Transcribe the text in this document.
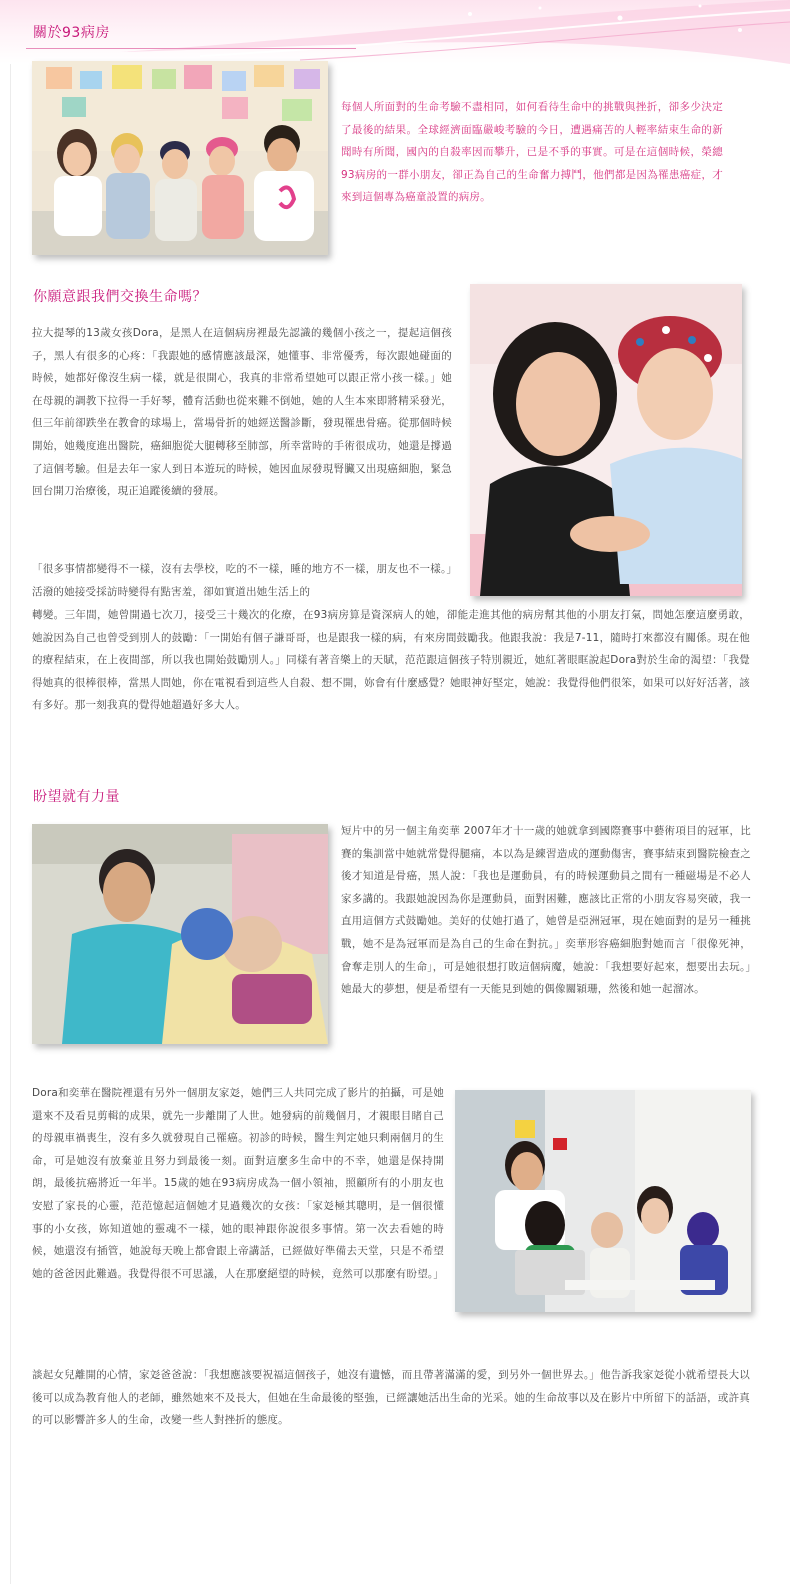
關於93病房

每個人所面對的生命考驗不盡相同，如何看待生命中的挑戰與挫折，卻多少決定了最後的結果。全球經濟面臨嚴峻考驗的今日，遭遇痛苦的人輕率結束生命的新聞時有所聞，國內的自殺率因而攀升，已是不爭的事實。可是在這個時候，榮總93病房的一群小朋友，卻正為自己的生命奮力搏鬥，他們都是因為罹患癌症，才來到這個專為癌童設置的病房。

你願意跟我們交換生命嗎？

拉大提琴的13歲女孩Dora，是黑人在這個病房裡最先認識的幾個小孩之一，提起這個孩子，黑人有很多的心疼：「我跟她的感情應該最深，她懂事、非常優秀，每次跟她碰面的時候，她都好像沒生病一樣，就是很開心，我真的非常希望她可以跟正常小孩一樣。」她在母親的調教下拉得一手好琴，體育活動也從來難不倒她，她的人生本來即將精采發光，但三年前卻跌坐在教會的球場上，當場骨折的她經送醫診斷，發現罹患骨癌。從那個時候開始，她幾度進出醫院，癌細胞從大腿轉移至肺部，所幸當時的手術很成功，她還是撐過了這個考驗。但是去年一家人到日本遊玩的時候，她因血尿發現腎臟又出現癌細胞，緊急回台開刀治療後，現正追蹤後續的發展。

「很多事情都變得不一樣，沒有去學校，吃的不一樣，睡的地方不一樣，朋友也不一樣。」活潑的她接受採訪時變得有點害羞，卻如實道出她生活上的

轉變。三年間，她曾開過七次刀，接受三十幾次的化療，在93病房算是資深病人的她，卻能走進其他的病房幫其他的小朋友打氣，問她怎麼這麼勇敢，她說因為自己也曾受到別人的鼓勵：「一開始有個子謙哥哥，也是跟我一樣的病，有來房間鼓勵我。他跟我說：我是7-11，隨時打來都沒有關係。現在他的療程結束，在上夜間部，所以我也開始鼓勵別人。」同樣有著音樂上的天賦，范范跟這個孩子特別親近，她紅著眼眶說起Dora對於生命的渴望：「我覺得她真的很棒很棒，當黑人問她，你在電視看到這些人自殺、想不開，妳會有什麼感覺？她眼神好堅定，她說：我覺得他們很笨，如果可以好好活著，該有多好。那一刻我真的覺得她超過好多大人。

盼望就有力量

短片中的另一個主角奕華 2007年才十一歲的她就拿到國際賽事中藝術項目的冠軍，比賽的集訓當中她就常覺得腿痛，本以為是練習造成的運動傷害，賽事結束到醫院檢查之後才知道是骨癌，黑人說：「我也是運動員，有的時候運動員之間有一種磁場是不必人家多講的。我跟她說因為你是運動員，面對困難，應該比正常的小朋友容易突破，我一直用這個方式鼓勵她。美好的仗她打過了，她曾是亞洲冠軍，現在她面對的是另一種挑戰，她不是為冠軍而是為自己的生命在對抗。」奕華形容癌細胞對她而言「很像死神，會奪走別人的生命」，可是她很想打敗這個病魔，她說：「我想要好起來，想要出去玩。」她最大的夢想，便是希望有一天能見到她的偶像關穎珊，然後和她一起溜冰。

Dora和奕華在醫院裡還有另外一個朋友家彣，她們三人共同完成了影片的拍攝，可是她還來不及看見剪輯的成果，就先一步離開了人世。她發病的前幾個月，才親眼目睹自己的母親車禍喪生，沒有多久就發現自己罹癌。初診的時候，醫生判定她只剩兩個月的生命，可是她沒有放棄並且努力到最後一刻。面對這麼多生命中的不幸，她還是保持開朗，最後抗癌將近一年半。15歲的她在93病房成為一個小領袖，照顧所有的小朋友也安慰了家長的心靈，范范憶起這個她才見過幾次的女孩：「家彣極其聰明，是一個很懂事的小女孩，妳知道她的靈魂不一樣，她的眼神跟你說很多事情。第一次去看她的時候，她還沒有插管，她說每天晚上都會跟上帝講話，已經做好準備去天堂，只是不希望她的爸爸因此難過。我覺得很不可思議，人在那麼絕望的時候，竟然可以那麼有盼望。」

談起女兒離開的心情，家彣爸爸說：「我想應該要祝福這個孩子，她沒有遺憾，而且帶著滿滿的愛，到另外一個世界去。」他告訴我家彣從小就希望長大以後可以成為教育他人的老師，雖然她來不及長大，但她在生命最後的堅強，已經讓她活出生命的光采。她的生命故事以及在影片中所留下的話語，或許真的可以影響許多人的生命，改變一些人對挫折的態度。
